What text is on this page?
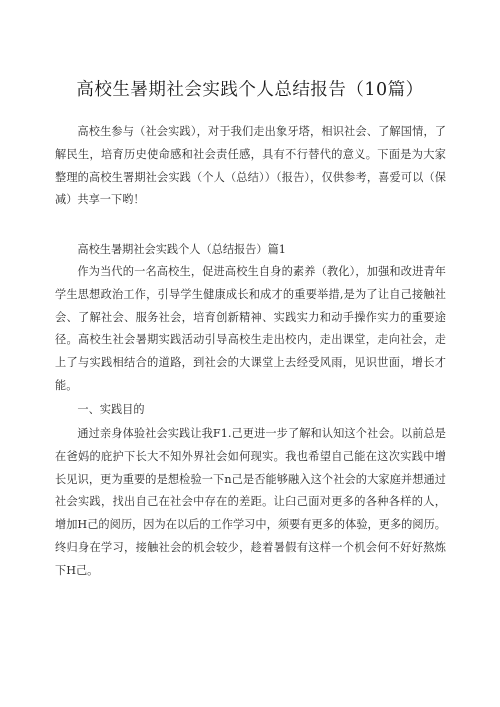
高校生暑期社会实践个人总结报告（10篇）
高校生参与（社会实践），对于我们走出象牙塔，相识社会、了解国情，了解民生，培育历史使命感和社会责任感，具有不行替代的意义。下面是为大家整理的高校生署期社会实践（个人（总结））（报告），仅供参考，喜爱可以（保减）共享一下哟！
高校生暑期社会实践个人（总结报告）篇1
作为当代的一名高校生，促进高校生自身的素养（教化），加强和改进青年学生思想政治工作，引导学生健康成长和成才的重要举措,是为了让自己接触社会、了解社会、服务社会，培育创新精神、实践实力和动手操作实力的重要途径。高校生社会暑期实践活动引导高校生走出校内，走出课堂，走向社会，走上了与实践相结合的道路，到社会的大课堂上去经受风雨，见识世面，增长才能。
一、实践目的
通过亲身体验社会实践让我F1.己更进一步了解和认知这个社会。以前总是在爸妈的庇护下长大不知外界社会如何现实。我也希望自己能在这次实践中增长见识，更为重要的是想检验一下n己是否能够融入这个社会的大家庭并想通过社会实践，找出自己在社会中存在的差距。让臼己面对更多的各种各样的人，增加H己的阅历，因为在以后的工作学习中，须要有更多的体验，更多的阅历。终归身在学习，接触社会的机会较少，趁着暑假有这样一个机会何不好好熬炼下H己。
